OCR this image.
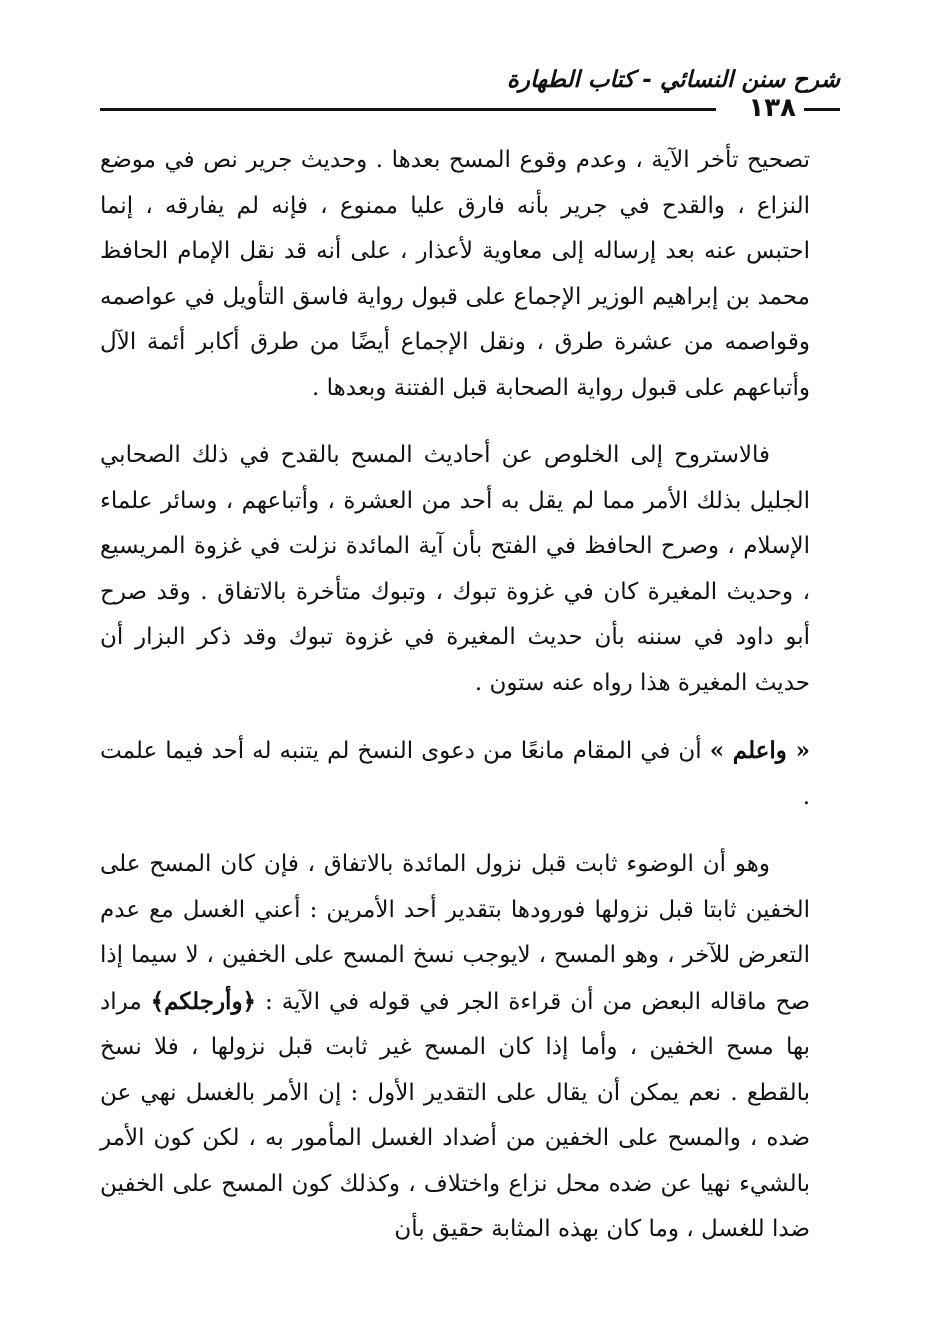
شرح سنن النسائي - كتاب الطهارة
١٣٨

تصحيح تأخر الآية ، وعدم وقوع المسح بعدها . وحديث جرير نص في موضع النزاع ، والقدح في جرير بأنه فارق عليا ممنوع ، فإنه لم يفارقه ، إنما احتبس عنه بعد إرساله إلى معاوية لأعذار ، على أنه قد نقل الإمام الحافظ محمد بن إبراهيم الوزير الإجماع على قبول رواية فاسق التأويل في عواصمه وقواصمه من عشرة طرق ، ونقل الإجماع أيضًا من طرق أكابر أئمة الآل وأتباعهم على قبول رواية الصحابة قبل الفتنة وبعدها .

فالاستروح إلى الخلوص عن أحاديث المسح بالقدح في ذلك الصحابي الجليل بذلك الأمر مما لم يقل به أحد من العشرة ، وأتباعهم ، وسائر علماء الإسلام ، وصرح الحافظ في الفتح بأن آية المائدة نزلت في غزوة المريسيع ، وحديث المغيرة كان في غزوة تبوك ، وتبوك متأخرة بالاتفاق . وقد صرح أبو داود في سننه بأن حديث المغيرة في غزوة تبوك وقد ذكر البزار أن حديث المغيرة هذا رواه عنه ستون .

« واعلم » أن في المقام مانعًا من دعوى النسخ لم يتنبه له أحد فيما علمت .

وهو أن الوضوء ثابت قبل نزول المائدة بالاتفاق ، فإن كان المسح على الخفين ثابتا قبل نزولها فورودها بتقدير أحد الأمرين : أعني الغسل مع عدم التعرض للآخر ، وهو المسح ، لايوجب نسخ المسح على الخفين ، لا سيما إذا صح ماقاله البعض من أن قراءة الجر في قوله في الآية : ﴿وأرجلكم﴾ مراد بها مسح الخفين ، وأما إذا كان المسح غير ثابت قبل نزولها ، فلا نسخ بالقطع . نعم يمكن أن يقال على التقدير الأول : إن الأمر بالغسل نهي عن ضده ، والمسح على الخفين من أضداد الغسل المأمور به ، لكن كون الأمر بالشيء نهيا عن ضده محل نزاع واختلاف ، وكذلك كون المسح على الخفين ضدا للغسل ، وما كان بهذه المثابة حقيق بأن
